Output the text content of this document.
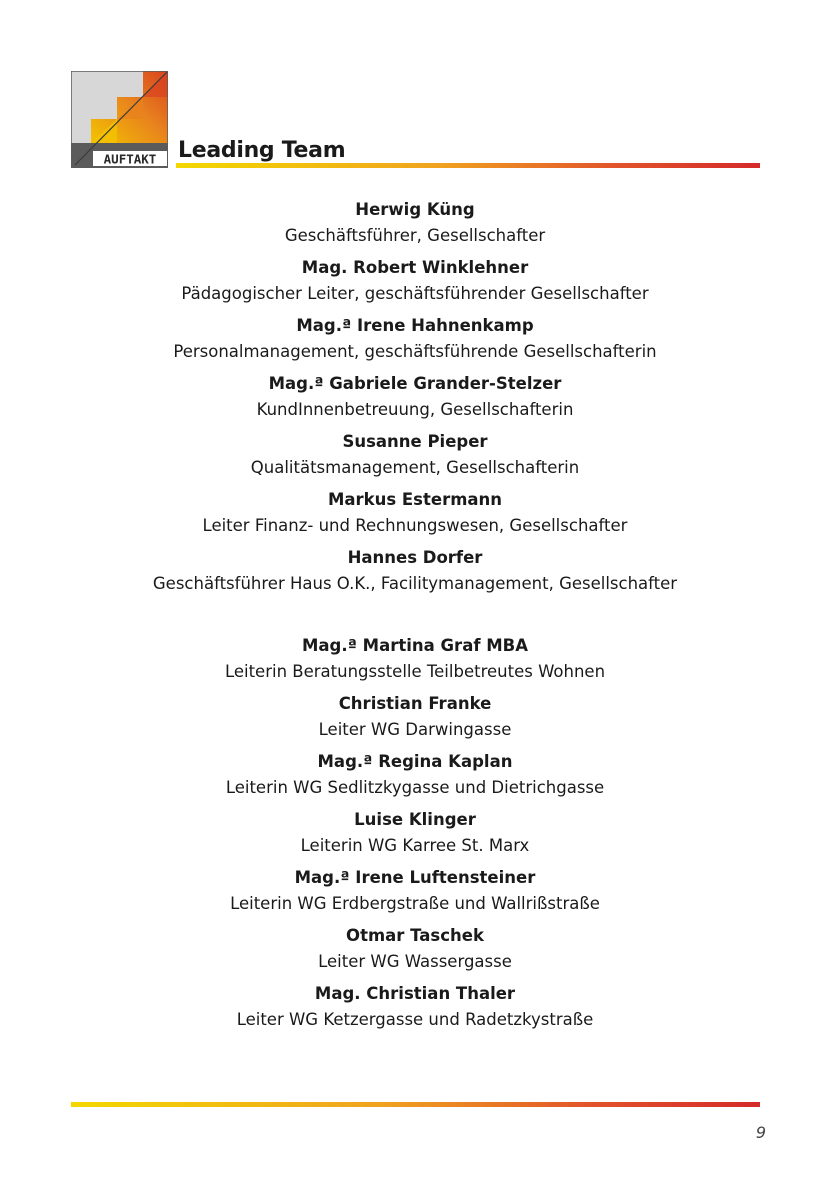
AUFTAKT Leading Team
Herwig Küng
Geschäftsführer, Gesellschafter
Mag. Robert Winklehner
Pädagogischer Leiter, geschäftsführender Gesellschafter
Mag.ª Irene Hahnenkamp
Personalmanagement, geschäftsführende Gesellschafterin
Mag.ª Gabriele Grander-Stelzer
KundInnenbetreuung, Gesellschafterin
Susanne Pieper
Qualitätsmanagement, Gesellschafterin
Markus Estermann
Leiter Finanz- und Rechnungswesen, Gesellschafter
Hannes Dorfer
Geschäftsführer Haus O.K., Facilitymanagement, Gesellschafter
Mag.ª Martina Graf MBA
Leiterin Beratungsstelle Teilbetreutes Wohnen
Christian Franke
Leiter WG Darwingasse
Mag.ª Regina Kaplan
Leiterin WG Sedlitzkygasse und Dietrichgasse
Luise Klinger
Leiterin WG Karree St. Marx
Mag.ª Irene Luftensteiner
Leiterin WG Erdbergstraße und Wallrißstraße
Otmar Taschek
Leiter WG Wassergasse
Mag. Christian Thaler
Leiter WG Ketzergasse und Radetzkystraße
9
